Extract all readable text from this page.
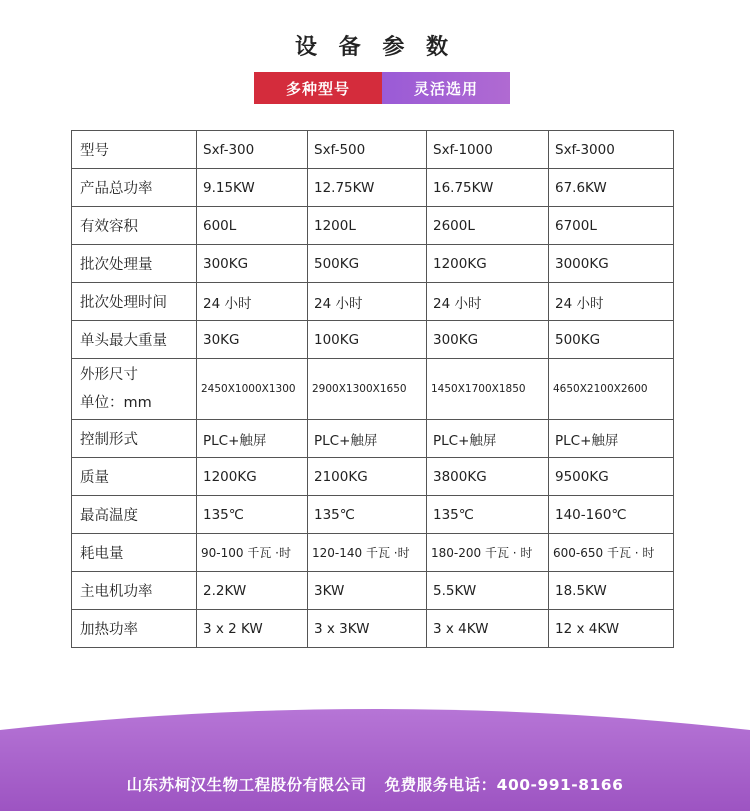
设 备 参 数
多种型号	灵活选用
型号	Sxf-300	Sxf-500	Sxf-1000	Sxf-3000
产品总功率	9.15KW	12.75KW	16.75KW	67.6KW
有效容积	600L	1200L	2600L	6700L
批次处理量	300KG	500KG	1200KG	3000KG
批次处理时间	24 小时	24 小时	24 小时	24 小时
单头最大重量	30KG	100KG	300KG	500KG

外形尺寸
单位：mm	2450X1000X1300	2900X1300X1650	1450X1700X1850	4650X2100X2600
控制形式	PLC+触屏	PLC+触屏	PLC+触屏	PLC+触屏
质量	1200KG	2100KG	3800KG	9500KG
最高温度	135℃	135℃	135℃	140-160℃
耗电量	90-100 千瓦 ·时	120-140 千瓦 ·时	180-200 千瓦 · 时	600-650 千瓦 · 时
主电机功率	2.2KW	3KW	5.5KW	18.5KW
加热功率	3 x 2 KW	3 x 3KW	3 x 4KW	12 x 4KW
山东苏柯汉生物工程股份有限公司 免费服务电话：400-991-8166
